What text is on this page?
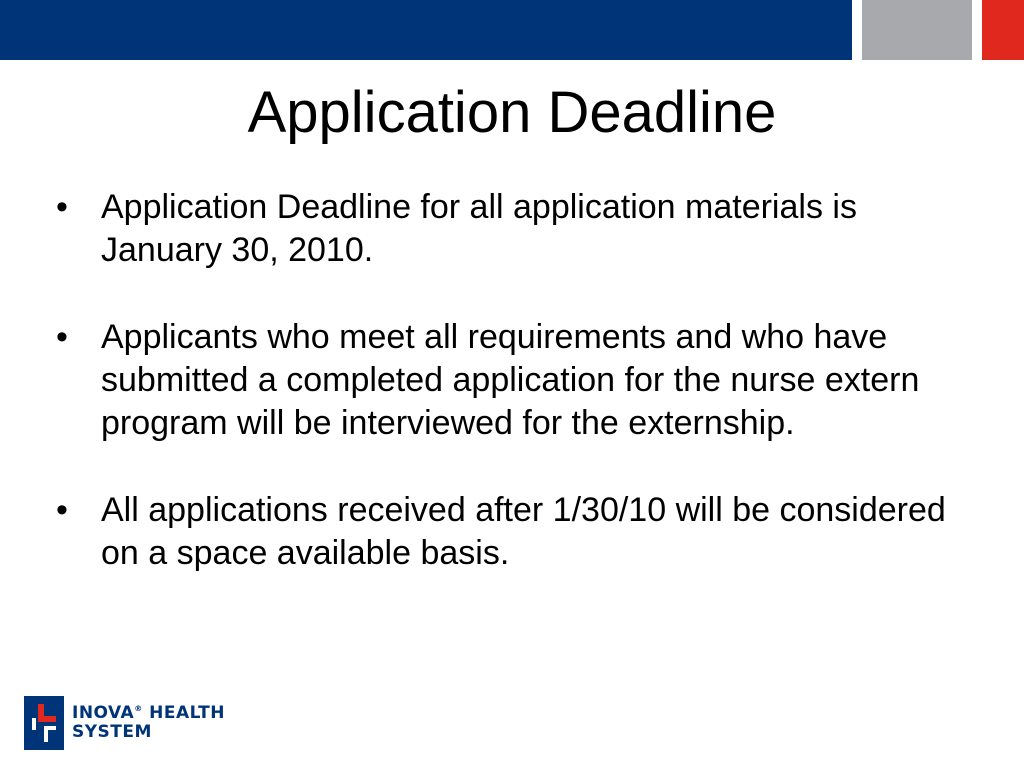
Application Deadline
• Application Deadline for all application materials is January 30, 2010.
• Applicants who meet all requirements and who have submitted a completed application for the nurse extern program will be interviewed for the externship.
• All applications received after 1/30/10 will be considered on a space available basis.
INOVA® HEALTH
SYSTEM
